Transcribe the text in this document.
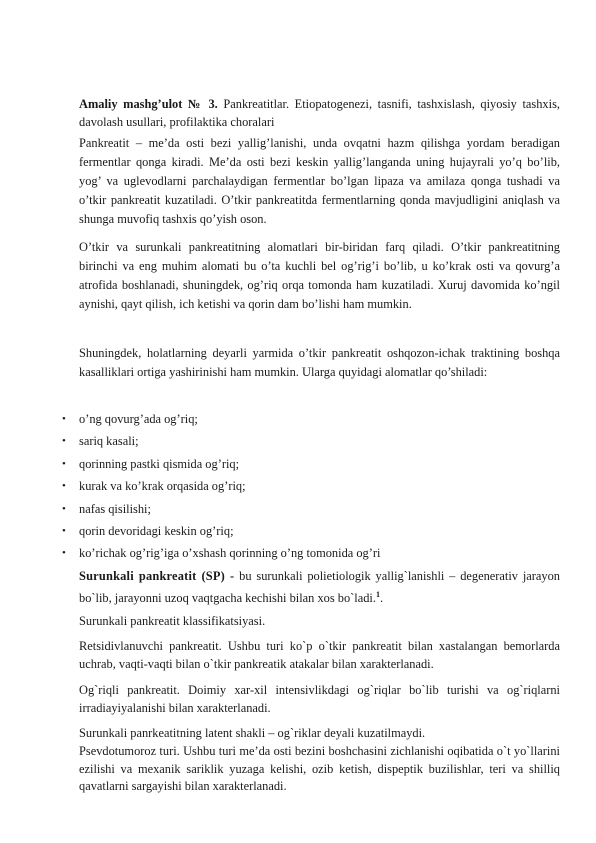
Amaliy mashg’ulot № 3. Pankreatitlar. Etiopatogenezi, tasnifi, tashxislash, qiyosiy tashxis, davolash usullari, profilaktika choralari

Pankreatit – me’da osti bezi yallig’lanishi, unda ovqatni hazm qilishga yordam beradigan fermentlar qonga kiradi. Me’da osti bezi keskin yallig’langanda uning hujayrali yo’q bo’lib, yog’ va uglevodlarni parchalaydigan fermentlar bo’lgan lipaza va amilaza qonga tushadi va o’tkir pankreatit kuzatiladi. O’tkir pankreatitda fermentlarning qonda mavjudligini aniqlash va shunga muvofiq tashxis qo’yish oson.

O’tkir va surunkali pankreatitning alomatlari bir-biridan farq qiladi. O’tkir pankreatitning birinchi va eng muhim alomati bu o’ta kuchli bel og’rig’i bo’lib, u ko’krak osti va qovurg’a atrofida boshlanadi, shuningdek, og’riq orqa tomonda ham kuzatiladi. Xuruj davomida ko’ngil aynishi, qayt qilish, ich ketishi va qorin dam bo’lishi ham mumkin.

Shuningdek, holatlarning deyarli yarmida o’tkir pankreatit oshqozon-ichak traktining boshqa kasalliklari ortiga yashirinishi ham mumkin. Ularga quyidagi alomatlar qo’shiladi:

• o’ng qovurg’ada og’riq;
• sariq kasali;
• qorinning pastki qismida og’riq;
• kurak va ko’krak orqasida og’riq;
• nafas qisilishi;
• qorin devoridagi keskin og’riq;
• ko’richak og’rig’iga o’xshash qorinning o’ng tomonida og’ri

Surunkali pankreatit (SP) - bu surunkali polietiologik yallig`lanishli – degenerativ jarayon bo`lib, jarayonni uzoq vaqtgacha kechishi bilan xos bo`ladi.$^1$.

Surunkali pankreatit klassifikatsiyasi.

Retsidivlanuvchi pankreatit. Ushbu turi ko`p o`tkir pankreatit bilan xastalangan bemorlarda uchrab, vaqti-vaqti bilan o`tkir pankreatik atakalar bilan xarakterlanadi.

Og`riqli pankreatit. Doimiy xar-xil intensivlikdagi og`riqlar bo`lib turishi va og`riqlarni irradiayiyalanishi bilan xarakterlanadi.

Surunkali panrkeatitning latent shakli – og`riklar deyali kuzatilmaydi.

Psevdotumoroz turi. Ushbu turi me’da osti bezini boshchasini zichlanishi oqibatida o`t yo`llarini ezilishi va mexanik sariklik yuzaga kelishi, ozib ketish, dispeptik buzilishlar, teri va shilliq qavatlarni sargayishi bilan xarakterlanadi.
